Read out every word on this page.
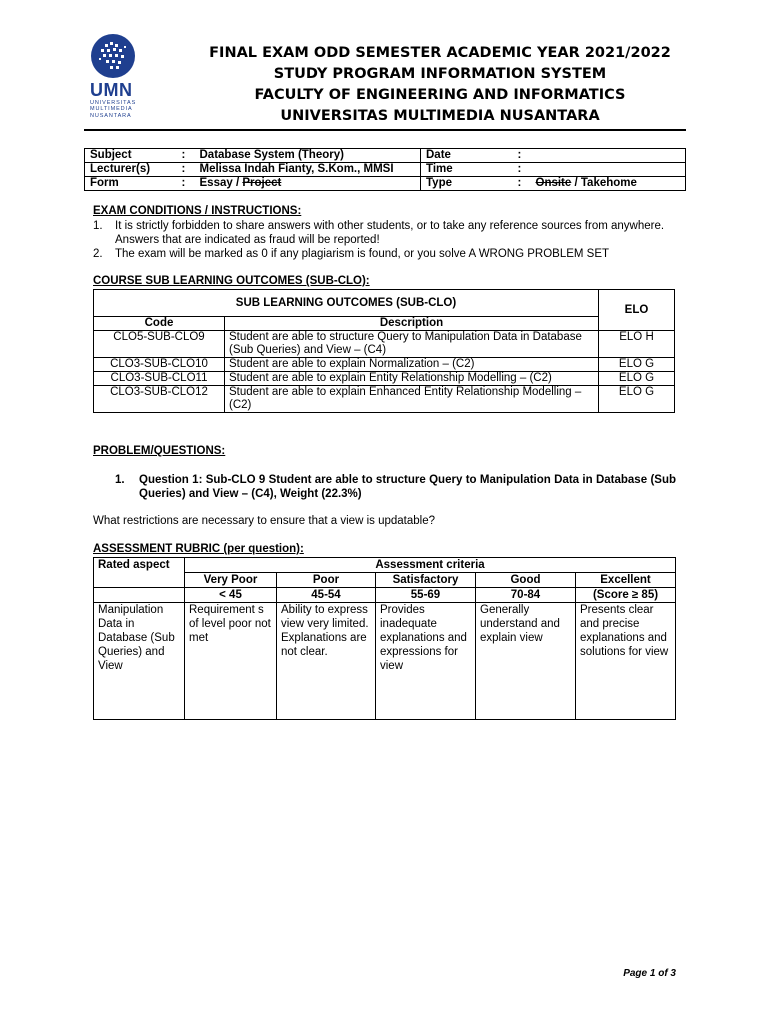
UMN
UNIVERSITAS
MULTIMEDIA
NUSANTARA
FINAL EXAM ODD SEMESTER ACADEMIC YEAR 2021/2022
STUDY PROGRAM INFORMATION SYSTEM
FACULTY OF ENGINEERING AND INFORMATICS
UNIVERSITAS MULTIMEDIA NUSANTARA
Subject	:	Database System (Theory)	Date	:	
Lecturer(s)	:	Melissa Indah Fianty, S.Kom., MMSI	Time	:	
Form	:	Essay / Project	Type	:	Onsite / Takehome
EXAM CONDITIONS / INSTRUCTIONS:
1. It is strictly forbidden to share answers with other students, or to take any reference sources from anywhere. Answers that are indicated as fraud will be reported!
2. The exam will be marked as 0 if any plagiarism is found, or you solve A WRONG PROBLEM SET
COURSE SUB LEARNING OUTCOMES (SUB-CLO):
SUB LEARNING OUTCOMES (SUB-CLO)		ELO
Code	Description	
CLO5-SUB-CLO9	Student are able to structure Query to Manipulation Data in Database (Sub Queries) and View – (C4)	ELO H
CLO3-SUB-CLO10	Student are able to explain Normalization – (C2)	ELO G
CLO3-SUB-CLO11	Student are able to explain Entity Relationship Modelling – (C2)	ELO G
CLO3-SUB-CLO12	Student are able to explain Enhanced Entity Relationship Modelling – (C2)	ELO G
PROBLEM/QUESTIONS:
1.	Question 1: Sub-CLO 9 Student are able to structure Query to Manipulation Data in Database (Sub Queries) and View – (C4), Weight (22.3%)
What restrictions are necessary to ensure that a view is updatable?
ASSESSMENT RUBRIC (per question):
Rated aspect	Assessment criteria				
	Very Poor	Poor	Satisfactory	Good	Excellent
	< 45	45-54	55-69	70-84	(Score ≥ 85)
Manipulation Data in Database (Sub Queries) and View	Requirement s of level poor not met	Ability to express view very limited. Explanations are not clear.	Provides inadequate explanations and expressions for view	Generally understand and explain view	Presents clear and precise explanations and solutions for view
Page 1 of 3
